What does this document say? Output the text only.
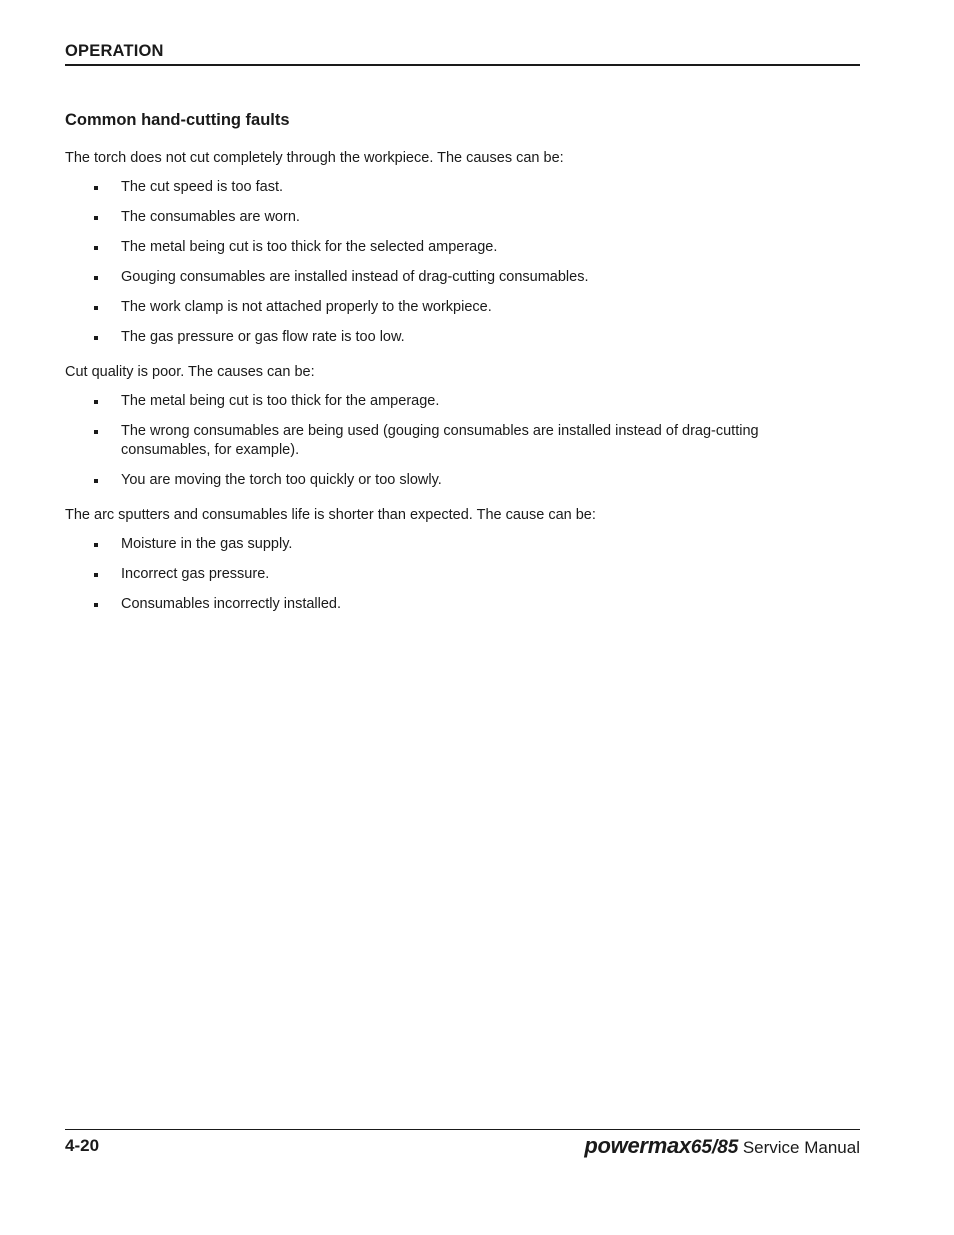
OPERATION
Common hand-cutting faults

The torch does not cut completely through the workpiece. The causes can be:

The cut speed is too fast.
The consumables are worn.
The metal being cut is too thick for the selected amperage.
Gouging consumables are installed instead of drag-cutting consumables.
The work clamp is not attached properly to the workpiece.
The gas pressure or gas flow rate is too low.

Cut quality is poor. The causes can be:

The metal being cut is too thick for the amperage.
The wrong consumables are being used (gouging consumables are installed instead of drag-cutting consumables, for example).
You are moving the torch too quickly or too slowly.

The arc sputters and consumables life is shorter than expected. The cause can be:

Moisture in the gas supply.
Incorrect gas pressure.
Consumables incorrectly installed.
4-20	powermax65/85 Service Manual
